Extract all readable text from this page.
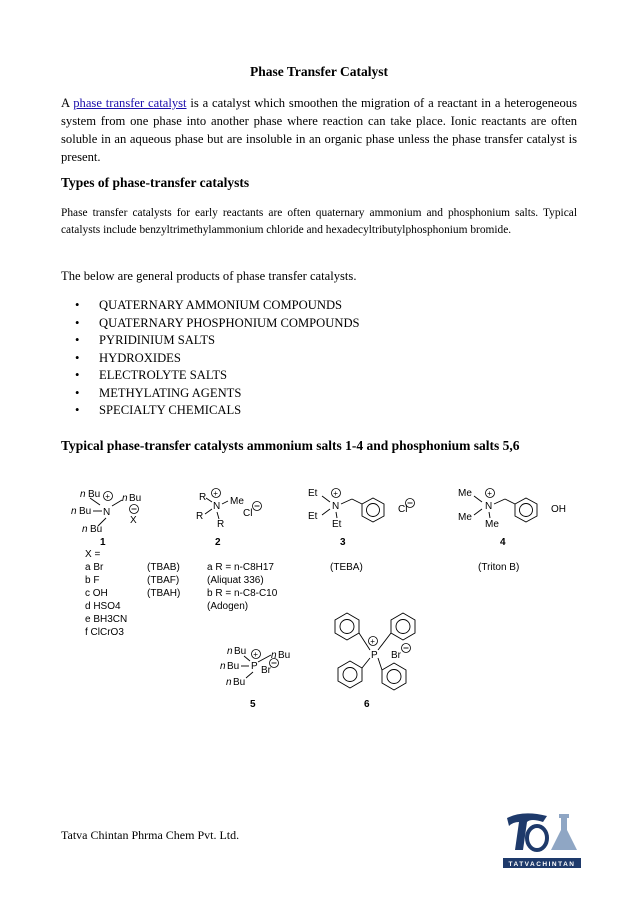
Phase Transfer Catalyst
A phase transfer catalyst is a catalyst which smoothen the migration of a reactant in a heterogeneous system from one phase into another phase where reaction can take place. Ionic reactants are often soluble in an aqueous phase but are insoluble in an organic phase unless the phase transfer catalyst is present.
Types of phase-transfer catalysts
Phase transfer catalysts for early reactants are often quaternary ammonium and phosphonium salts. Typical catalysts include benzyltrimethylammonium chloride and hexadecyltributylphosphonium bromide.
The below are general products of phase transfer catalysts.
• QUATERNARY AMMONIUM COMPOUNDS
• QUATERNARY PHOSPHONIUM COMPOUNDS
• PYRIDINIUM SALTS
• HYDROXIDES
• ELECTROLYTE SALTS
• METHYLATING AGENTS
• SPECIALTY CHEMICALS
Typical phase-transfer catalysts ammonium salts 1-4 and phosphonium salts 5,6
n Bu + n Bu
n Bu N
X
n Bu
1
X =
a Br	(TBAB)
b F	(TBAF)
c OH	(TBAH)
d HSO4
e BH3CN
f ClCrO3
R +
N Me
Cl
R
R
2
a R = n-C8H17
(Aliquat 336)
b R = n-C8-C10
(Adogen)
Et +
N
Et
Et
Cl
3
(TEBA)
Me +
N
Me
Me
OH
4
(Triton B)
n Bu + n Bu
n Bu P Br
n Bu
5
P
+
Br
6
Tatva Chintan Phrma Chem Pvt. Ltd.
TATVACHINTAN
